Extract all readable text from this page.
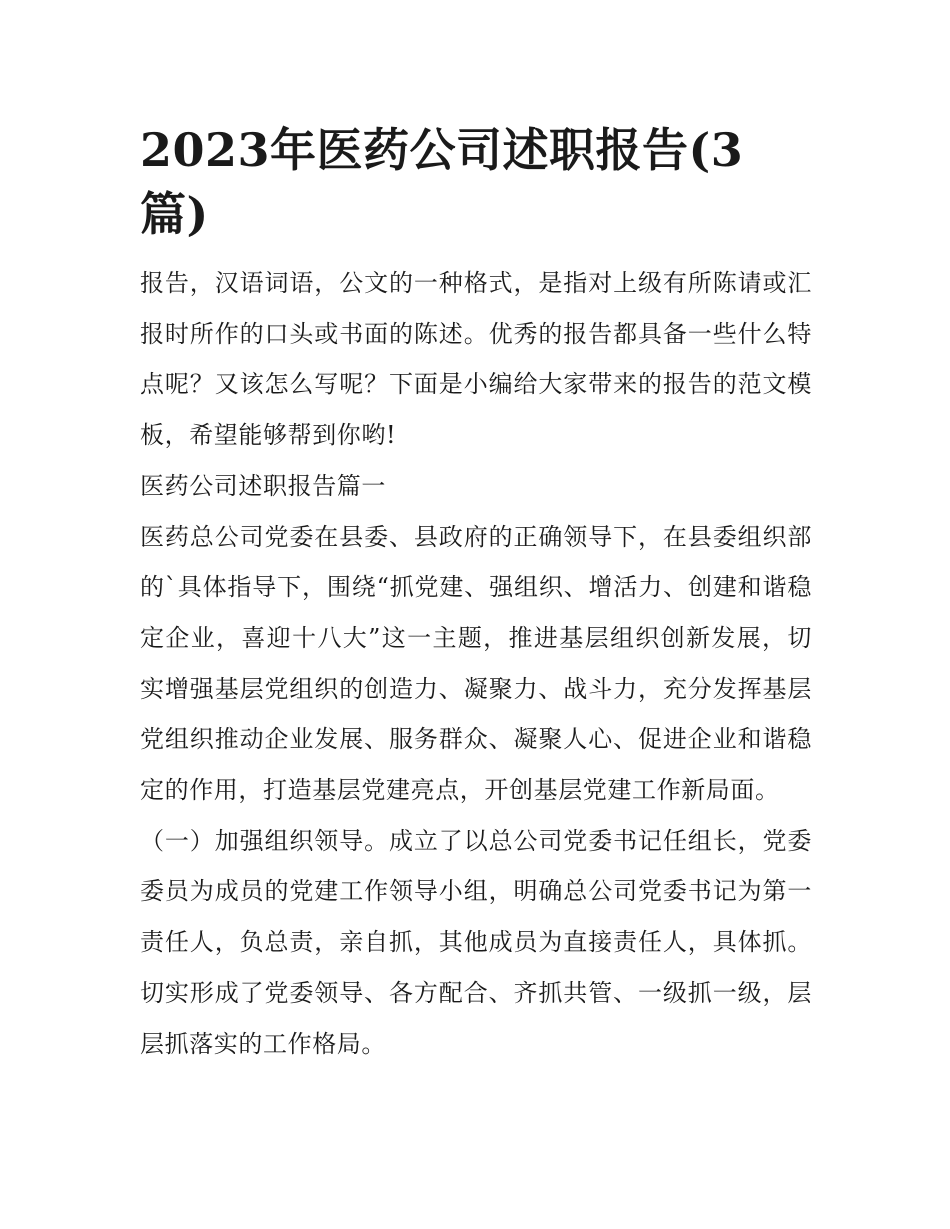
2023年医药公司述职报告(3篇)

报告，汉语词语，公文的一种格式，是指对上级有所陈请或汇报时所作的口头或书面的陈述。优秀的报告都具备一些什么特点呢？又该怎么写呢？下面是小编给大家带来的报告的范文模板，希望能够帮到你哟!

医药公司述职报告篇一

医药总公司党委在县委、县政府的正确领导下，在县委组织部的`具体指导下，围绕“抓党建、强组织、增活力、创建和谐稳定企业，喜迎十八大”这一主题，推进基层组织创新发展，切实增强基层党组织的创造力、凝聚力、战斗力，充分发挥基层党组织推动企业发展、服务群众、凝聚人心、促进企业和谐稳定的作用，打造基层党建亮点，开创基层党建工作新局面。

（一）加强组织领导。成立了以总公司党委书记任组长，党委委员为成员的党建工作领导小组，明确总公司党委书记为第一责任人，负总责，亲自抓，其他成员为直接责任人，具体抓。切实形成了党委领导、各方配合、齐抓共管、一级抓一级，层层抓落实的工作格局。
